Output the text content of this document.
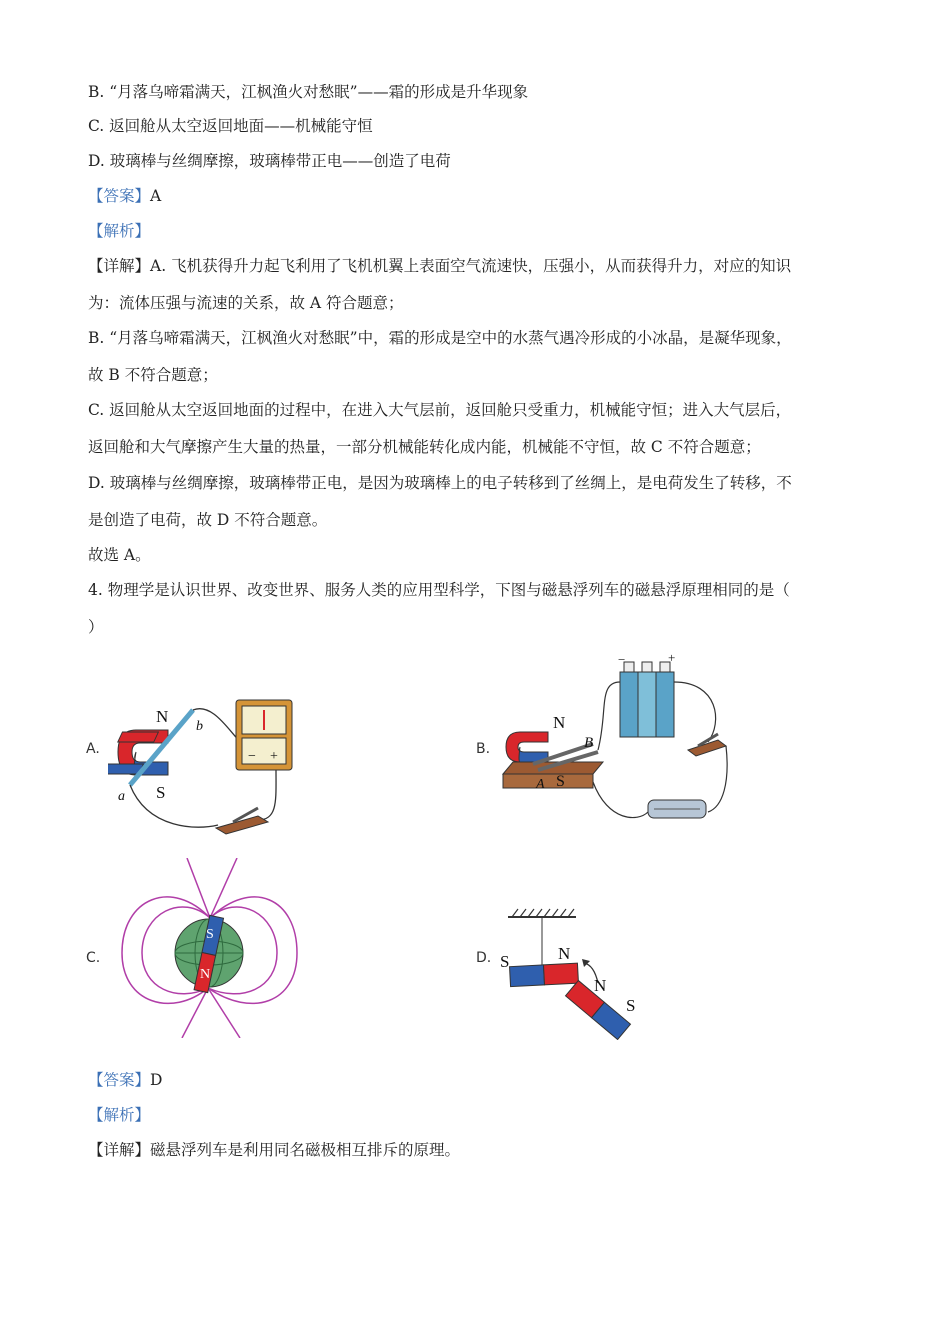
B. “月落乌啼霜满天，江枫渔火对愁眠”——霜的形成是升华现象
C. 返回舱从太空返回地面——机械能守恒
D. 玻璃棒与丝绸摩擦，玻璃棒带正电——创造了电荷
【答案】A
【解析】
【详解】A. 飞机获得升力起飞利用了飞机机翼上表面空气流速快，压强小，从而获得升力，对应的知识
为：流体压强与流速的关系，故 A 符合题意；
B. “月落乌啼霜满天，江枫渔火对愁眠”中，霜的形成是空中的水蒸气遇冷形成的小冰晶，是凝华现象，
故 B 不符合题意；
C. 返回舱从太空返回地面的过程中，在进入大气层前，返回舱只受重力，机械能守恒；进入大气层后，
返回舱和大气摩擦产生大量的热量，一部分机械能转化成内能，机械能不守恒，故 C 不符合题意；
D. 玻璃棒与丝绸摩擦，玻璃棒带正电，是因为玻璃棒上的电子转移到了丝绸上，是电荷发生了转移，不
是创造了电荷，故 D 不符合题意。
故选 A。
4. 物理学是认识世界、改变世界、服务人类的应用型科学，下图与磁悬浮列车的磁悬浮原理相同的是（
）
A.	− +
N
S
a
b
B.
N
S
A
B
−	+
C.
S
N
D. S	N
N
S
【答案】D
【解析】
【详解】磁悬浮列车是利用同名磁极相互排斥的原理。
